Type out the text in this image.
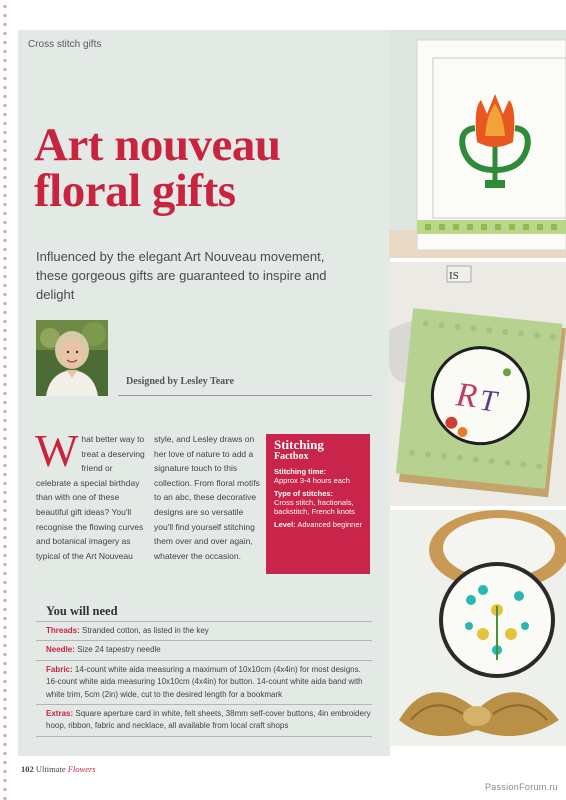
Cross stitch gifts
Art nouveau
floral gifts

Influenced by the elegant Art Nouveau movement, these gorgeous gifts are guaranteed to inspire and delight

Designed by Lesley Teare
W hat better way to treat a deserving friend or celebrate a special birthday than with one of these beautiful gift ideas? You'll recognise the flowing curves and botanical imagery as typical of the Art Nouveau
style, and Lesley draws on her love of nature to add a signature touch to this collection. From floral motifs to an abc, these decorative designs are so versatile you'll find yourself stitching them over and over again, whatever the occasion.
Stitching
Factbox
Stitching time:
Approx 3-4 hours each
Type of stitches:
Cross stitch, fractionals, backstitch, French knots
Level: Advanced beginner
You will need
Threads: Stranded cotton, as listed in the key
Needle: Size 24 tapestry needle
Fabric: 14-count white aida measuring a maximum of 10x10cm (4x4in) for most designs. 16-count white aida measuring 10x10cm (4x4in) for button. 14-count white aida band with white trim, 5cm (2in) wide, cut to the desired length for a bookmark
Extras: Square aperture card in white, felt sheets, 38mm self-cover buttons, 4in embroidery hoop, ribbon, fabric and necklace, all available from local craft shops
102 Ultimate Flowers
IS
R T
PassionForum.ru
